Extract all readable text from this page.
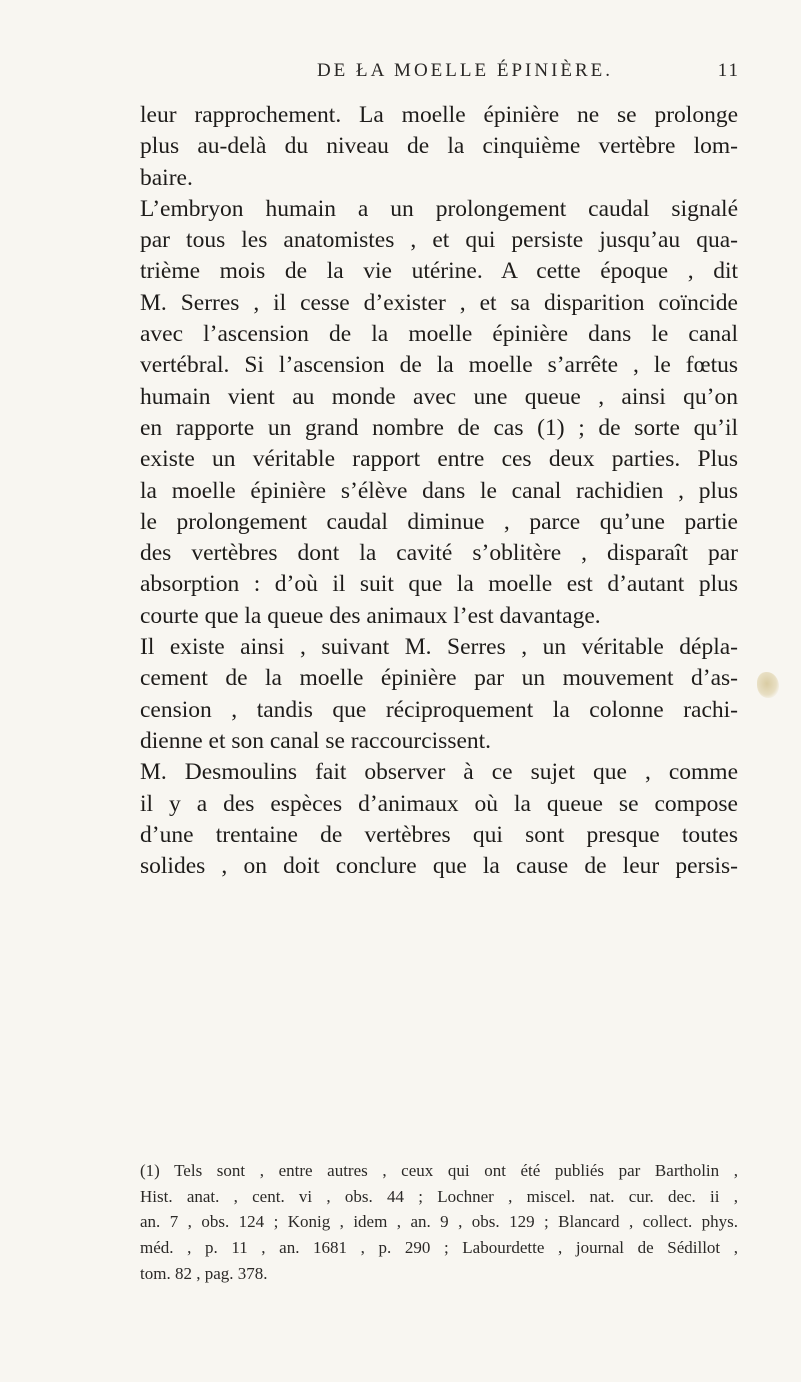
DE ŁA MOELLE ÉPINIÈRE.	11
leur rapprochement. La moelle épinière ne se prolonge
plus au-delà du niveau de la cinquième vertèbre lom-
baire.
L’embryon humain a un prolongement caudal signalé
par tous les anatomistes , et qui persiste jusqu’au qua-
trième mois de la vie utérine. A cette époque , dit
M. Serres , il cesse d’exister , et sa disparition coïncide
avec l’ascension de la moelle épinière dans le canal
vertébral. Si l’ascension de la moelle s’arrête , le fœtus
humain vient au monde avec une queue , ainsi qu’on
en rapporte un grand nombre de cas (1) ; de sorte qu’il
existe un véritable rapport entre ces deux parties. Plus
la moelle épinière s’élève dans le canal rachidien , plus
le prolongement caudal diminue , parce qu’une partie
des vertèbres dont la cavité s’oblitère , disparaît par
absorption : d’où il suit que la moelle est d’autant plus
courte que la queue des animaux l’est davantage.
Il existe ainsi , suivant M. Serres , un véritable dépla-
cement de la moelle épinière par un mouvement d’as-
cension , tandis que réciproquement la colonne rachi-
dienne et son canal se raccourcissent.
M. Desmoulins fait observer à ce sujet que , comme
il y a des espèces d’animaux où la queue se compose
d’une trentaine de vertèbres qui sont presque toutes
solides , on doit conclure que la cause de leur persis-
(1) Tels sont , entre autres , ceux qui ont été publiés par Bartholin ,
Hist. anat. , cent. vi , obs. 44 ; Lochner , miscel. nat. cur. dec. ii ,
an. 7 , obs. 124 ; Konig , idem , an. 9 , obs. 129 ; Blancard , collect. phys.
méd. , p. 11 , an. 1681 , p. 290 ; Labourdette , journal de Sédillot ,
tom. 82 , pag. 378.
